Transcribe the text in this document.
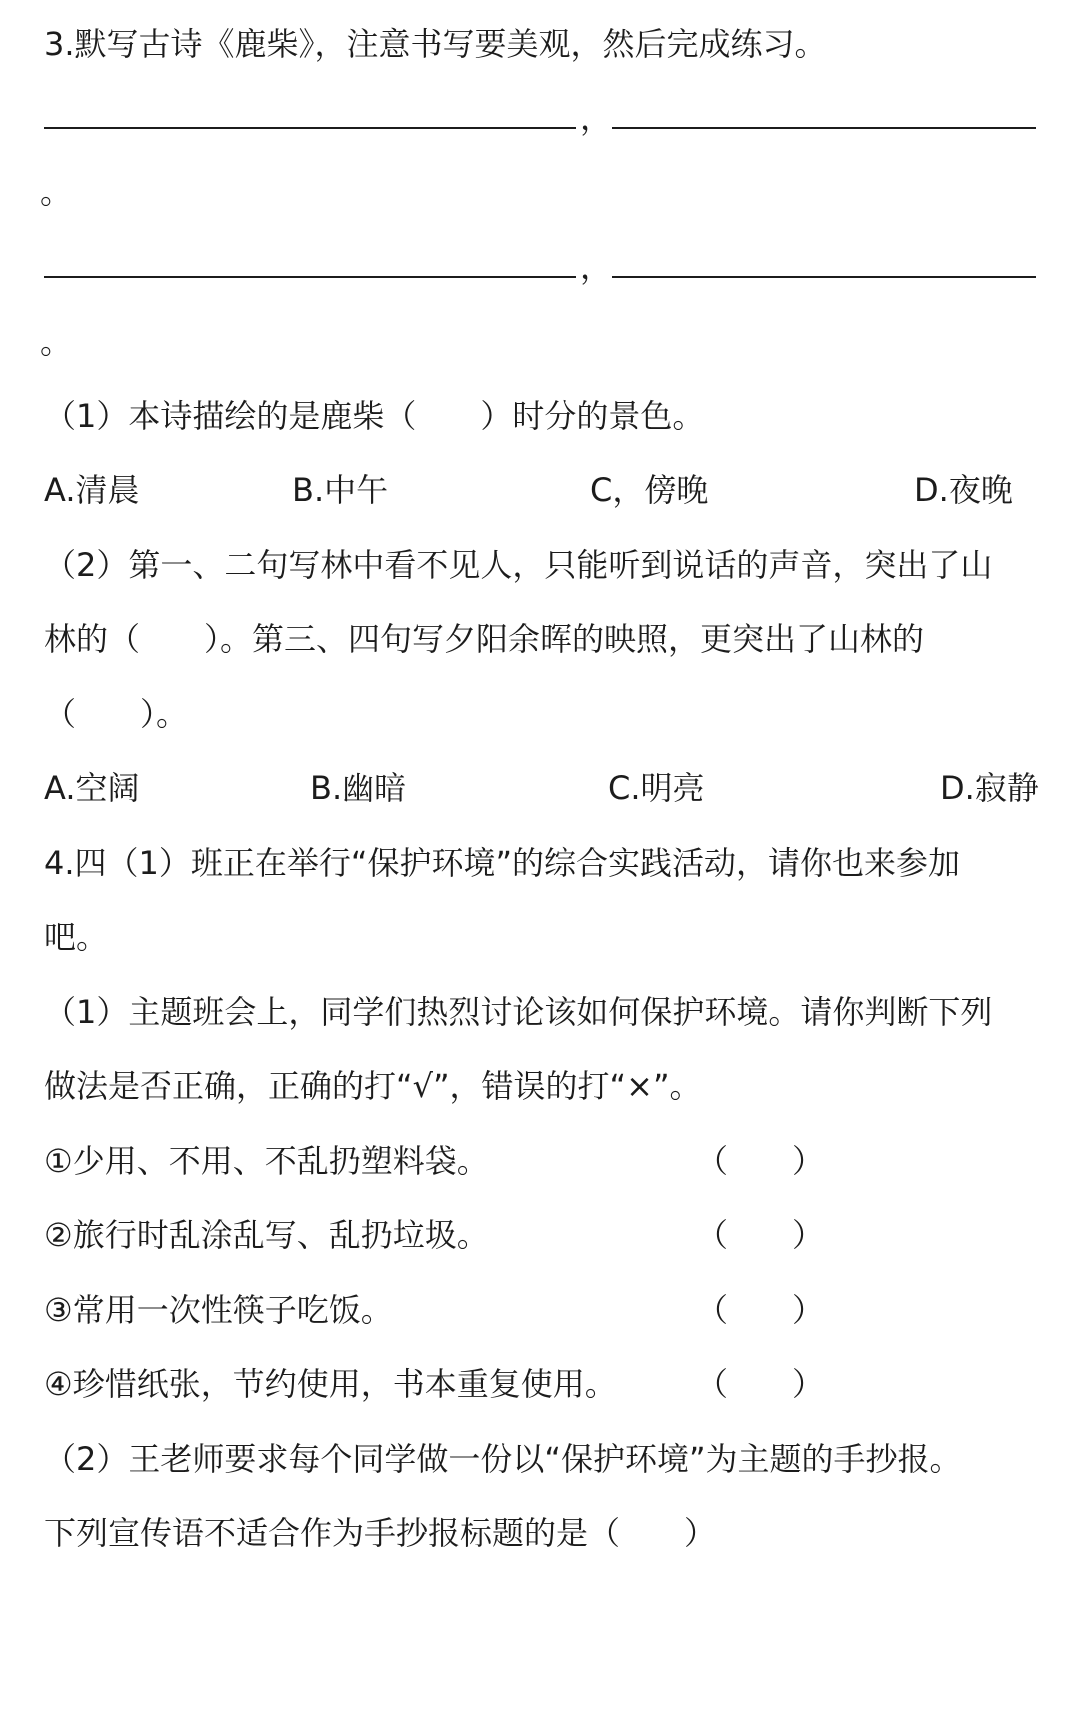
3.默写古诗《鹿柴》，注意书写要美观，然后完成练习。
，
。
，
。
（1）本诗描绘的是鹿柴（　　）时分的景色。
A.清晨	B.中午	C，傍晚	D.夜晚
（2）第一、二句写林中看不见人，只能听到说话的声音，突出了山
林的（　　）。第三、四句写夕阳余晖的映照，更突出了山林的
（　　）。
A.空阔	B.幽暗	C.明亮	D.寂静
4.四（1）班正在举行“保护环境”的综合实践活动，请你也来参加
吧。
（1）主题班会上，同学们热烈讨论该如何保护环境。请你判断下列
做法是否正确，正确的打“√”，错误的打“×”。
①少用、不用、不乱扔塑料袋。	（　　）
②旅行时乱涂乱写、乱扔垃圾。	（　　）
③常用一次性筷子吃饭。	（　　）
④珍惜纸张，节约使用，书本重复使用。 （　　）
（2）王老师要求每个同学做一份以“保护环境”为主题的手抄报。
下列宣传语不适合作为手抄报标题的是（　　）
